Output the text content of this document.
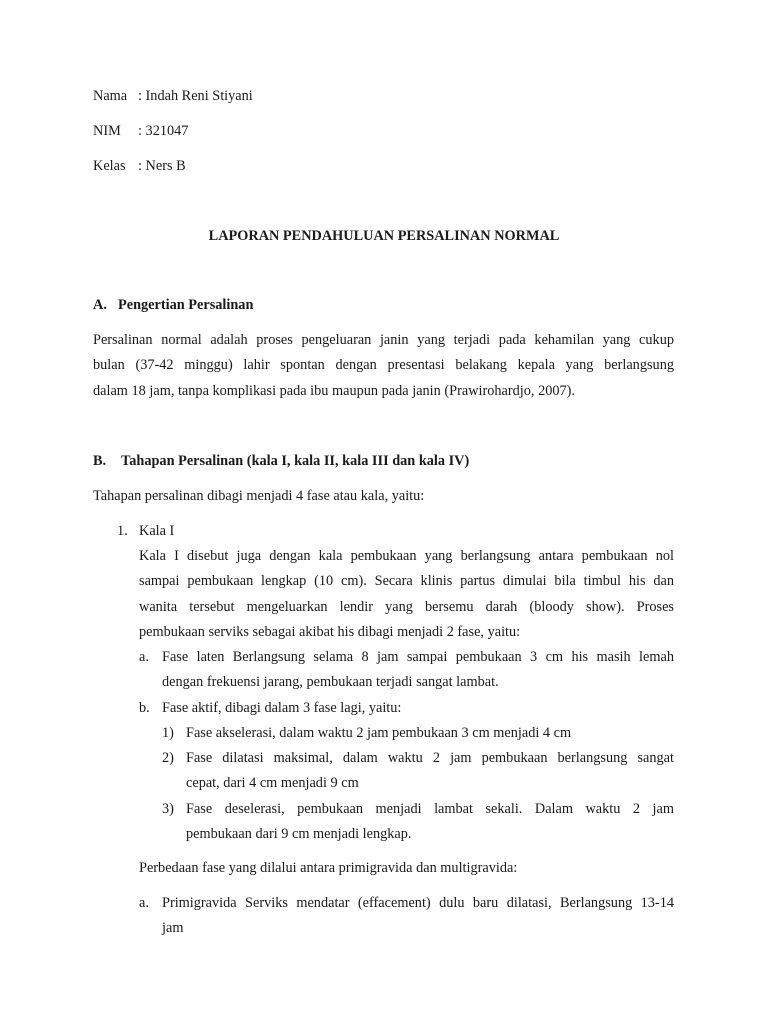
Nama : Indah Reni Stiyani
NIM : 321047
Kelas : Ners B
LAPORAN PENDAHULUAN PERSALINAN NORMAL
A. Pengertian Persalinan
Persalinan normal adalah proses pengeluaran janin yang terjadi pada kehamilan yang cukup
bulan (37-42 minggu) lahir spontan dengan presentasi belakang kepala yang berlangsung
dalam 18 jam, tanpa komplikasi pada ibu maupun pada janin (Prawirohardjo, 2007).
B. Tahapan Persalinan (kala I, kala II, kala III dan kala IV)
Tahapan persalinan dibagi menjadi 4 fase atau kala, yaitu:
1. Kala I
Kala I disebut juga dengan kala pembukaan yang berlangsung antara pembukaan nol
sampai pembukaan lengkap (10 cm). Secara klinis partus dimulai bila timbul his dan
wanita tersebut mengeluarkan lendir yang bersemu darah (bloody show). Proses
pembukaan serviks sebagai akibat his dibagi menjadi 2 fase, yaitu:
a. Fase laten Berlangsung selama 8 jam sampai pembukaan 3 cm his masih lemah
dengan frekuensi jarang, pembukaan terjadi sangat lambat.
b. Fase aktif, dibagi dalam 3 fase lagi, yaitu:
1) Fase akselerasi, dalam waktu 2 jam pembukaan 3 cm menjadi 4 cm
2) Fase dilatasi maksimal, dalam waktu 2 jam pembukaan berlangsung sangat
cepat, dari 4 cm menjadi 9 cm
3) Fase deselerasi, pembukaan menjadi lambat sekali. Dalam waktu 2 jam
pembukaan dari 9 cm menjadi lengkap.
Perbedaan fase yang dilalui antara primigravida dan multigravida:
a. Primigravida Serviks mendatar (effacement) dulu baru dilatasi, Berlangsung 13-14
jam
